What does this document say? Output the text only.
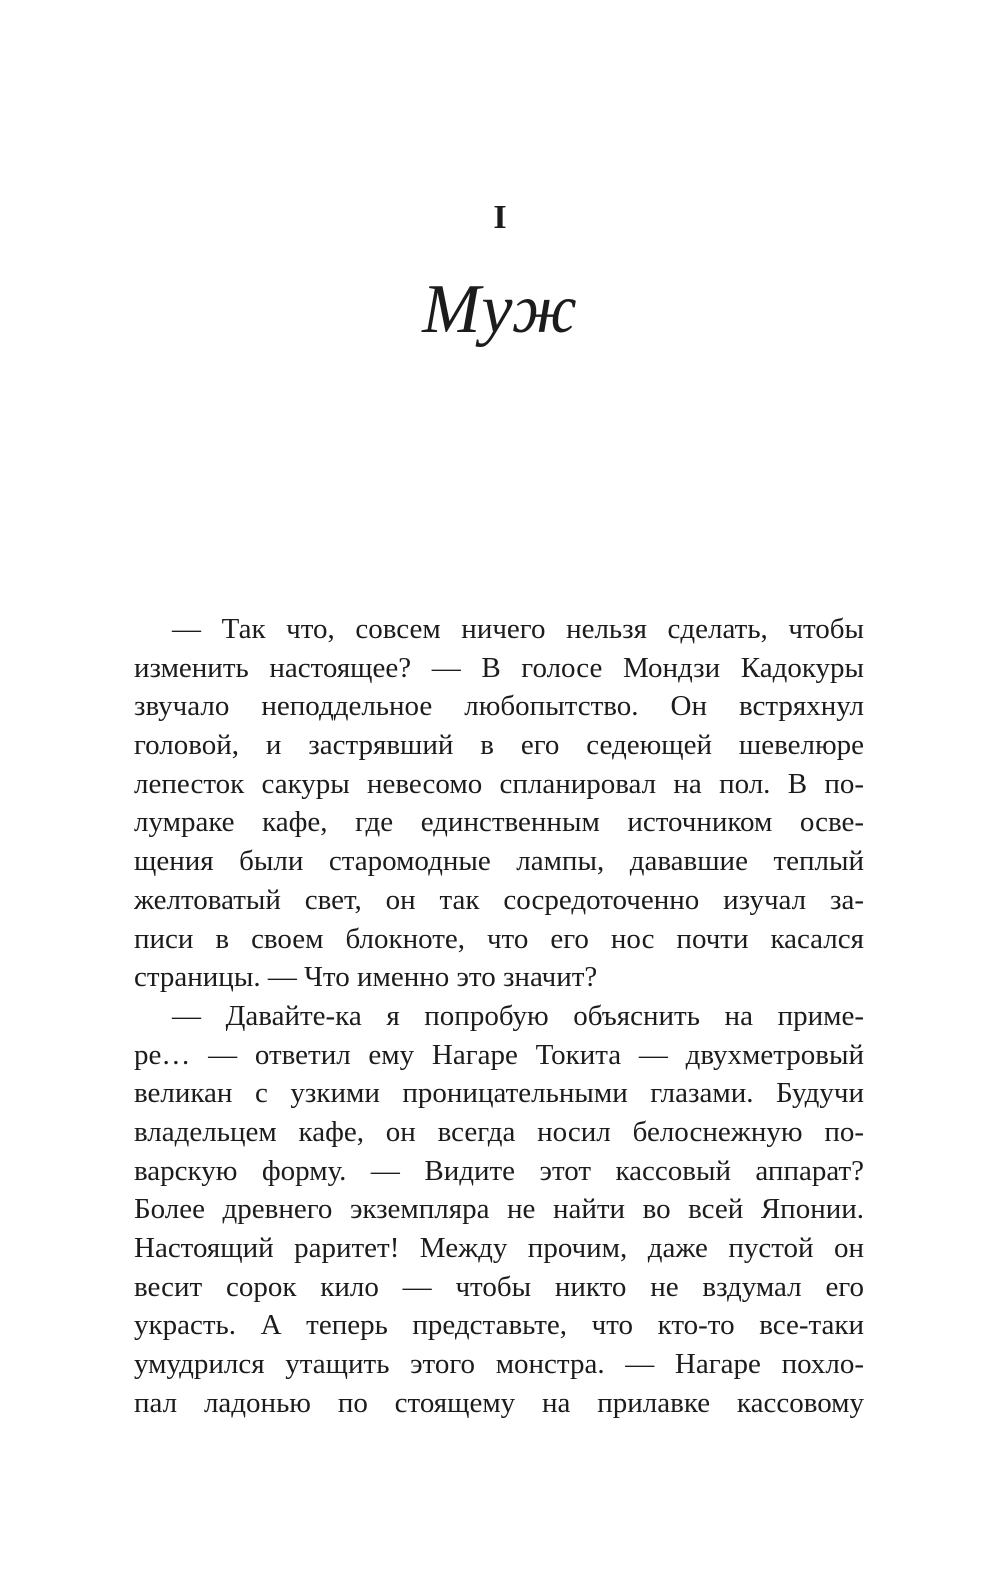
I
Муж
— Так что, совсем ничего нельзя сделать, чтобы
изменить настоящее? — В голосе Мондзи Кадокуры
звучало неподдельное любопытство. Он встряхнул
головой, и застрявший в его седеющей шевелюре
лепесток сакуры невесомо спланировал на пол. В по-
лумраке кафе, где единственным источником осве-
щения были старомодные лампы, дававшие теплый
желтоватый свет, он так сосредоточенно изучал за-
писи в своем блокноте, что его нос почти касался
страницы. — Что именно это значит?
— Давайте-ка я попробую объяснить на приме-
ре… — ответил ему Нагаре Токита — двухметровый
великан с узкими проницательными глазами. Будучи
владельцем кафе, он всегда носил белоснежную по-
варскую форму. — Видите этот кассовый аппарат?
Более древнего экземпляра не найти во всей Японии.
Настоящий раритет! Между прочим, даже пустой он
весит сорок кило — чтобы никто не вздумал его
украсть. А теперь представьте, что кто-то все-таки
умудрился утащить этого монстра. — Нагаре похло-
пал ладонью по стоящему на прилавке кассовому
